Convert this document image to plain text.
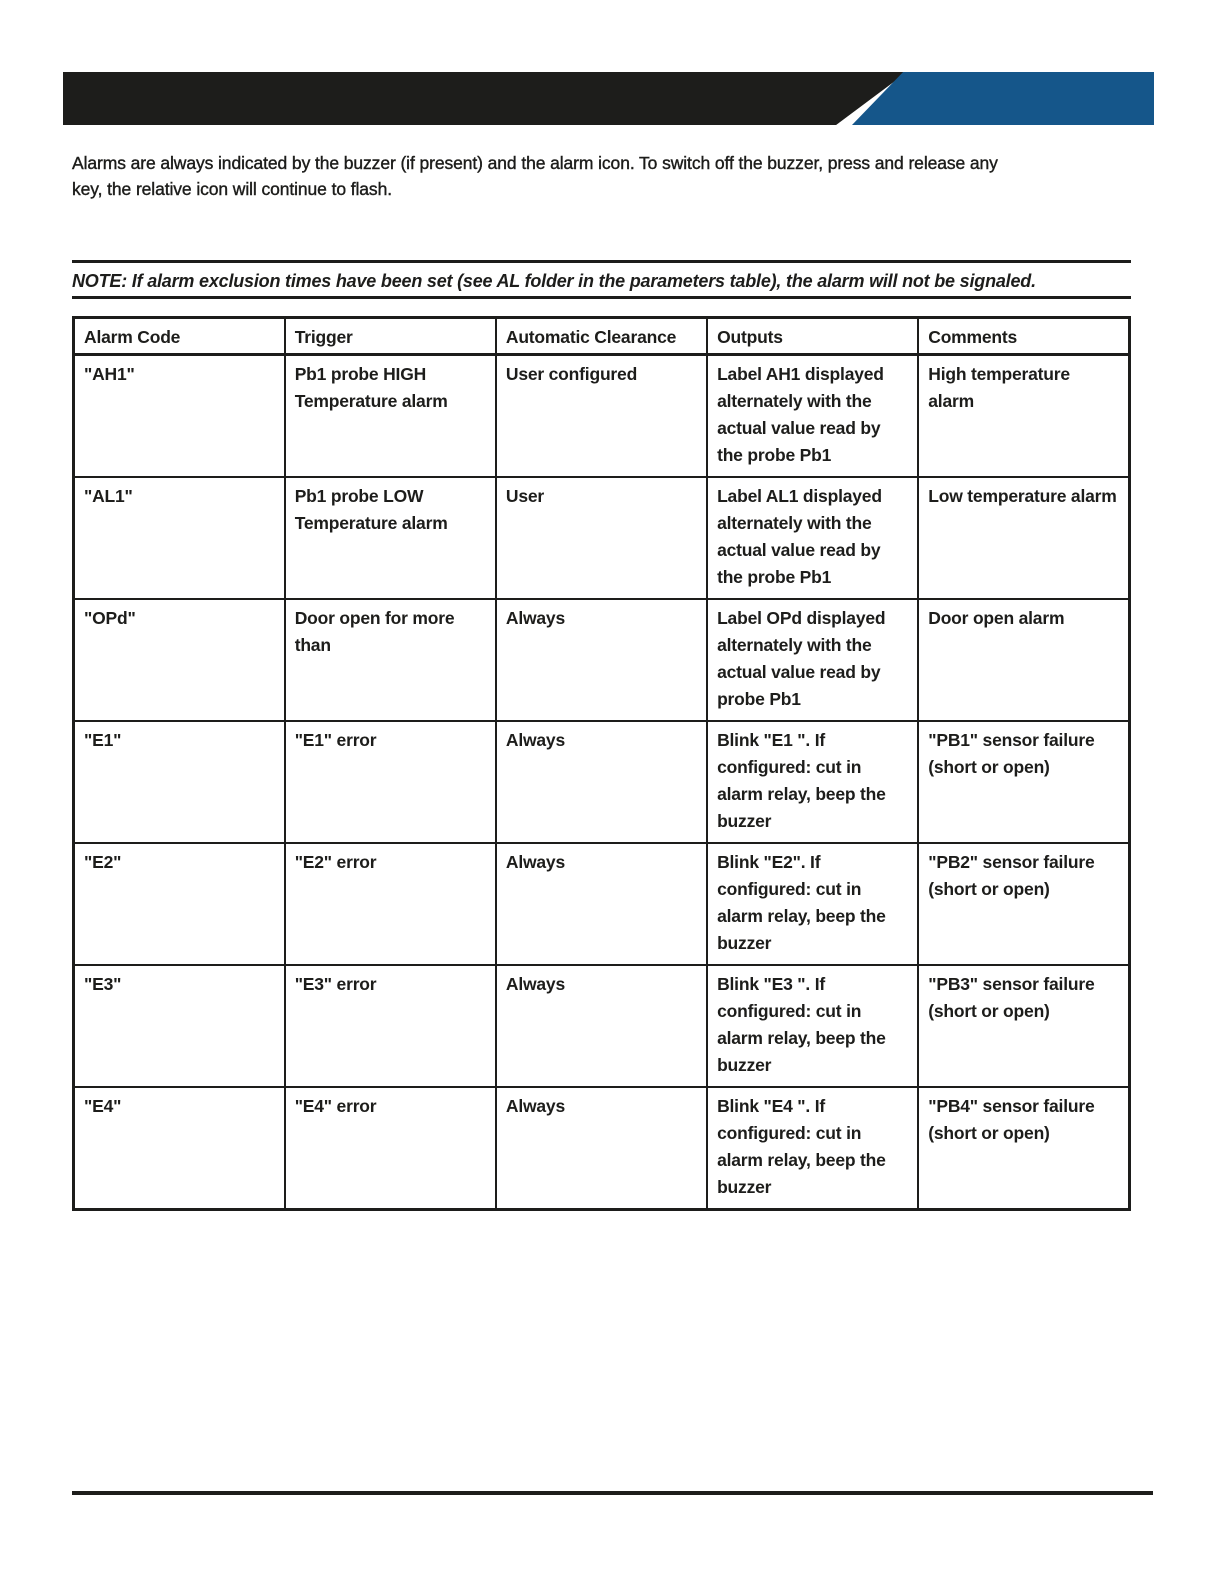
Alarms are always indicated by the buzzer (if present) and the alarm icon. To switch off the buzzer, press and release any
key, the relative icon will continue to flash.
NOTE: If alarm exclusion times have been set (see AL folder in the parameters table), the alarm will not be signaled.
Alarm Code	Trigger	Automatic Clearance	Outputs	Comments
"AH1"	Pb1 probe HIGH Temperature alarm	User configured	Label AH1 displayed alternately with the actual value read by the probe Pb1	High temperature alarm
"AL1"	Pb1 probe LOW Temperature alarm	User	Label AL1 displayed alternately with the actual value read by the probe Pb1	Low temperature alarm
"OPd"	Door open for more than	Always	Label OPd displayed alternately with the actual value read by probe Pb1	Door open alarm
"E1"	"E1" error	Always	Blink "E1 ". If configured: cut in alarm relay, beep the buzzer	"PB1" sensor failure (short or open)
"E2"	"E2" error	Always	Blink "E2". If configured: cut in alarm relay, beep the buzzer	"PB2" sensor failure (short or open)
"E3"	"E3" error	Always	Blink "E3 ". If configured: cut in alarm relay, beep the buzzer	"PB3" sensor failure (short or open)
"E4"	"E4" error	Always	Blink "E4 ". If configured: cut in alarm relay, beep the buzzer	"PB4" sensor failure (short or open)
